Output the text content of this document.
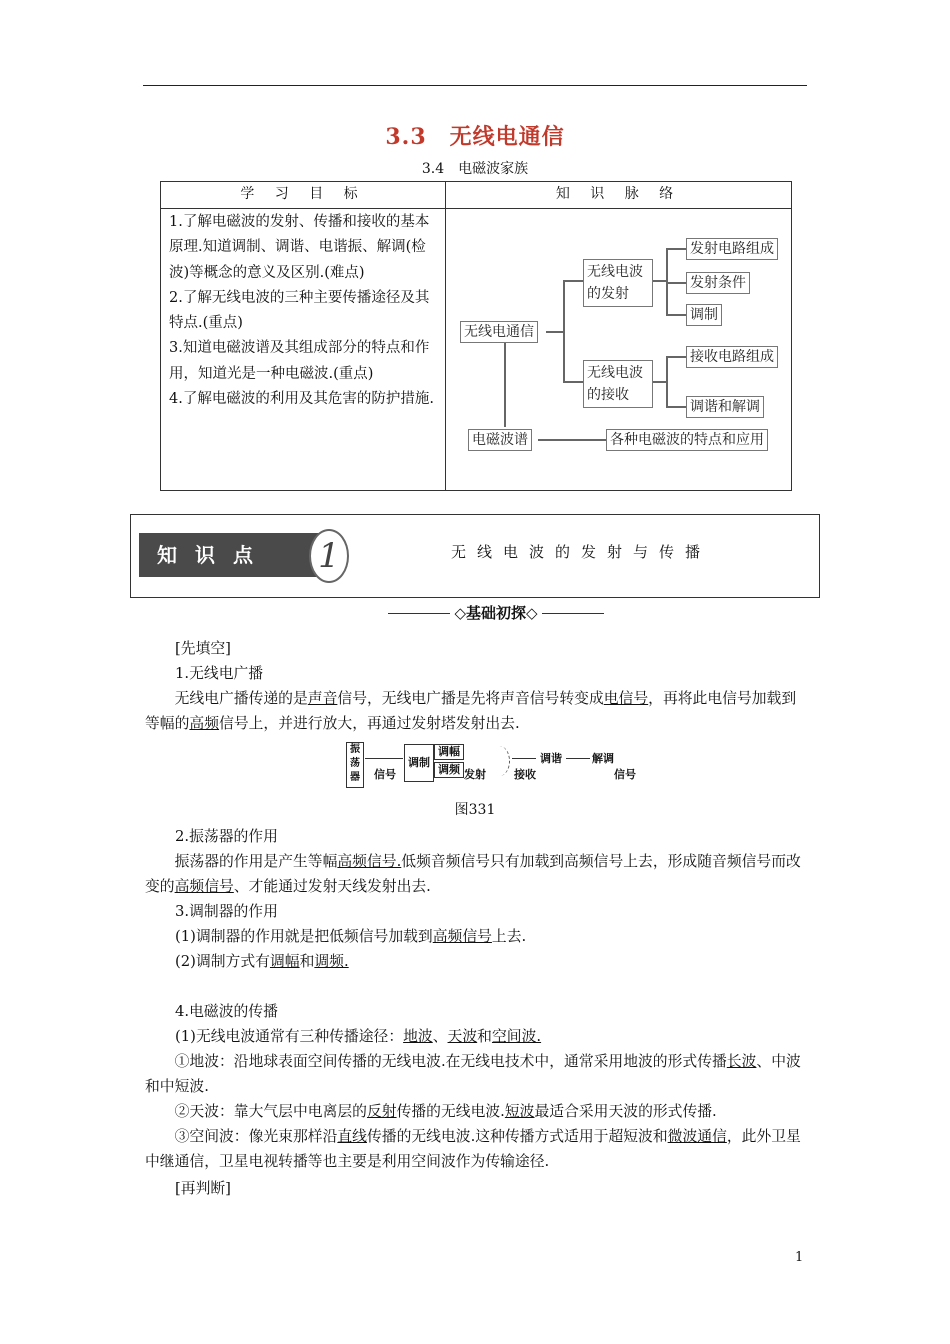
3.3　无线电通信
3.4　电磁波家族
学 习 目 标	知 识 脉 络
1.了解电磁波的发射、传播和接收的基本原理.知道调制、调谐、电谐振、解调(检波)等概念的意义及区别.(难点)
2.了解无线电波的三种主要传播途径及其特点.(重点)
3.知道电磁波谱及其组成部分的特点和作用，知道光是一种电磁波.(重点)
4.了解电磁波的利用及其危害的防护措施.
无线电通信
无线电波的发射
无线电波的接收
发射电路组成
发射条件
调制
接收电路组成
调谐和解调
电磁波谱	各种电磁波的特点和应用
知识点	1	无线电波的发射与传播
◇基础初探◇
[先填空]
1.无线电广播
无线电广播传递的是声音信号，无线电广播是先将声音信号转变成电信号，再将此电信号加载到等幅的高频信号上，并进行放大，再通过发射塔发射出去.
振荡器	信号
调制
调幅
调频 发射	接收
调谐	解调
信号
图331
2.振荡器的作用
振荡器的作用是产生等幅高频信号.低频音频信号只有加载到高频信号上去，形成随音频信号而改变的高频信号、才能通过发射天线发射出去.
3.调制器的作用
(1)调制器的作用就是把低频信号加载到高频信号上去.
(2)调制方式有调幅和调频.
4.电磁波的传播
(1)无线电波通常有三种传播途径：地波、天波和空间波.
①地波：沿地球表面空间传播的无线电波.在无线电技术中，通常采用地波的形式传播长波、中波和中短波.
②天波：靠大气层中电离层的反射传播的无线电波.短波最适合采用天波的形式传播.
③空间波：像光束那样沿直线传播的无线电波.这种传播方式适用于超短波和微波通信，此外卫星中继通信，卫星电视转播等也主要是利用空间波作为传输途径.
[再判断]
1
